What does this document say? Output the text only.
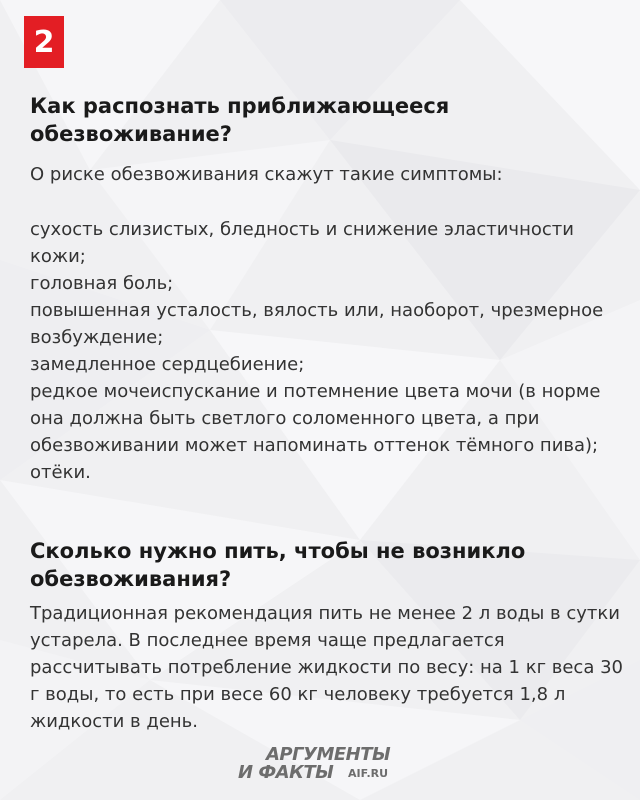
2
Как распознать приближающееся обезвоживание?

О риске обезвоживания скажут такие симптомы:

сухость слизистых, бледность и снижение эластичности кожи;
головная боль;
повышенная усталость, вялость или, наоборот, чрезмерное возбуждение;
замедленное сердцебиение;
редкое мочеиспускание и потемнение цвета мочи (в норме она должна быть светлого соломенного цвета, а при обезвоживании может напоминать оттенок тёмного пива);
отёки.
Сколько нужно пить, чтобы не возникло обезвоживания?

Традиционная рекомендация пить не менее 2 л воды в сутки устарела. В последнее время чаще предлагается рассчитывать потребление жидкости по весу: на 1 кг веса 30 г воды, то есть при весе 60 кг человеку требуется 1,8 л жидкости в день.

АРГУМЕНТЫ
И ФАКТЫ AIF.RU
